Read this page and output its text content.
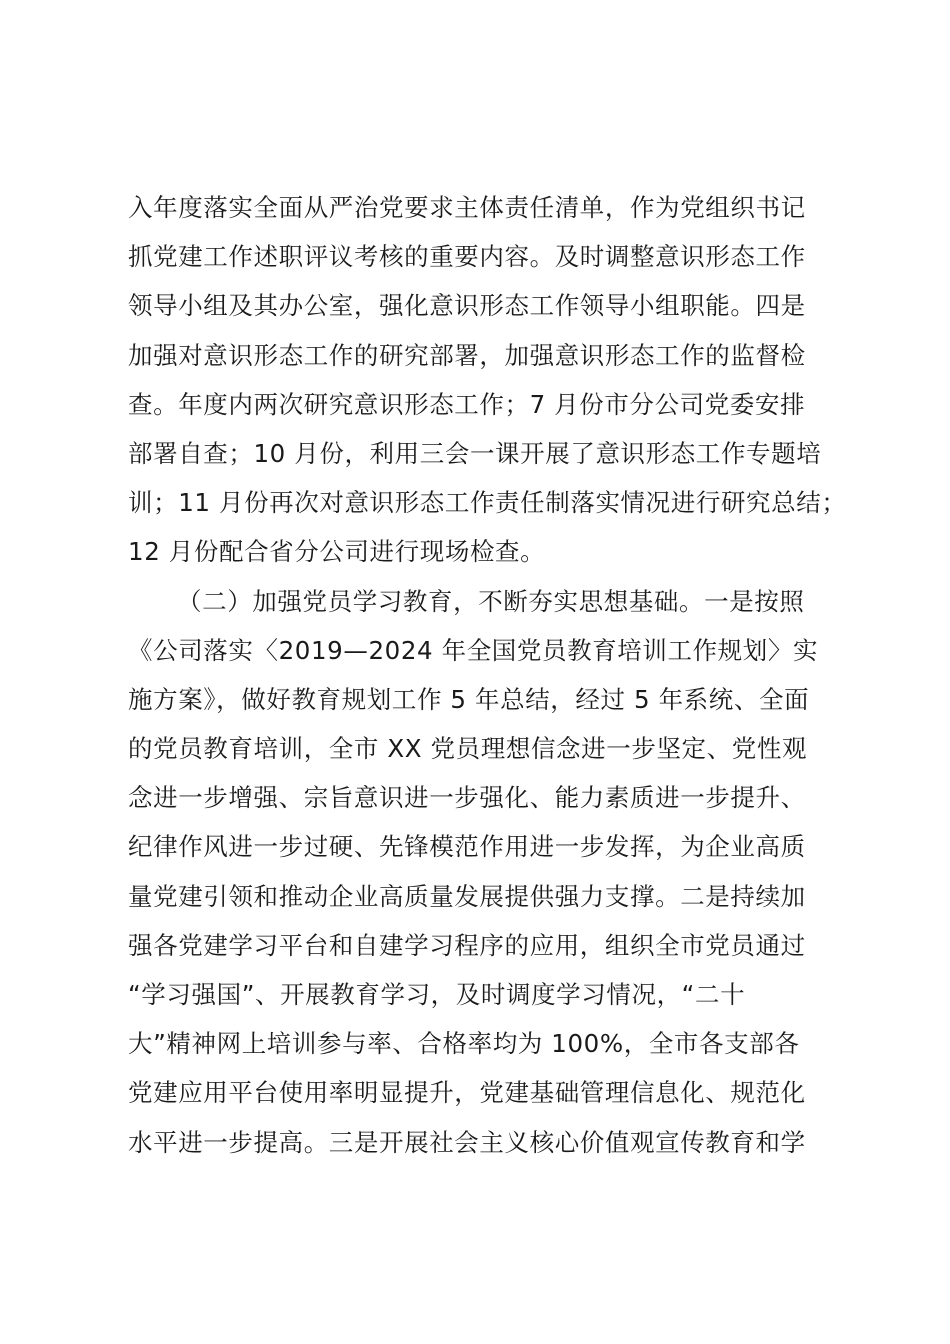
入年度落实全面从严治党要求主体责任清单，作为党组织书记
抓党建工作述职评议考核的重要内容。及时调整意识形态工作
领导小组及其办公室，强化意识形态工作领导小组职能。四是
加强对意识形态工作的研究部署，加强意识形态工作的监督检
查。年度内两次研究意识形态工作；7 月份市分公司党委安排
部署自查；10 月份，利用三会一课开展了意识形态工作专题培
训；11 月份再次对意识形态工作责任制落实情况进行研究总结；
12 月份配合省分公司进行现场检查。
（二）加强党员学习教育，不断夯实思想基础。一是按照
《公司落实〈2019—2024 年全国党员教育培训工作规划〉实
施方案》，做好教育规划工作 5 年总结，经过 5 年系统、全面
的党员教育培训，全市 XX 党员理想信念进一步坚定、党性观
念进一步增强、宗旨意识进一步强化、能力素质进一步提升、
纪律作风进一步过硬、先锋模范作用进一步发挥，为企业高质
量党建引领和推动企业高质量发展提供强力支撑。二是持续加
强各党建学习平台和自建学习程序的应用，组织全市党员通过
“学习强国”、开展教育学习，及时调度学习情况，“二十
大”精神网上培训参与率、合格率均为 100%，全市各支部各
党建应用平台使用率明显提升，党建基础管理信息化、规范化
水平进一步提高。三是开展社会主义核心价值观宣传教育和学
